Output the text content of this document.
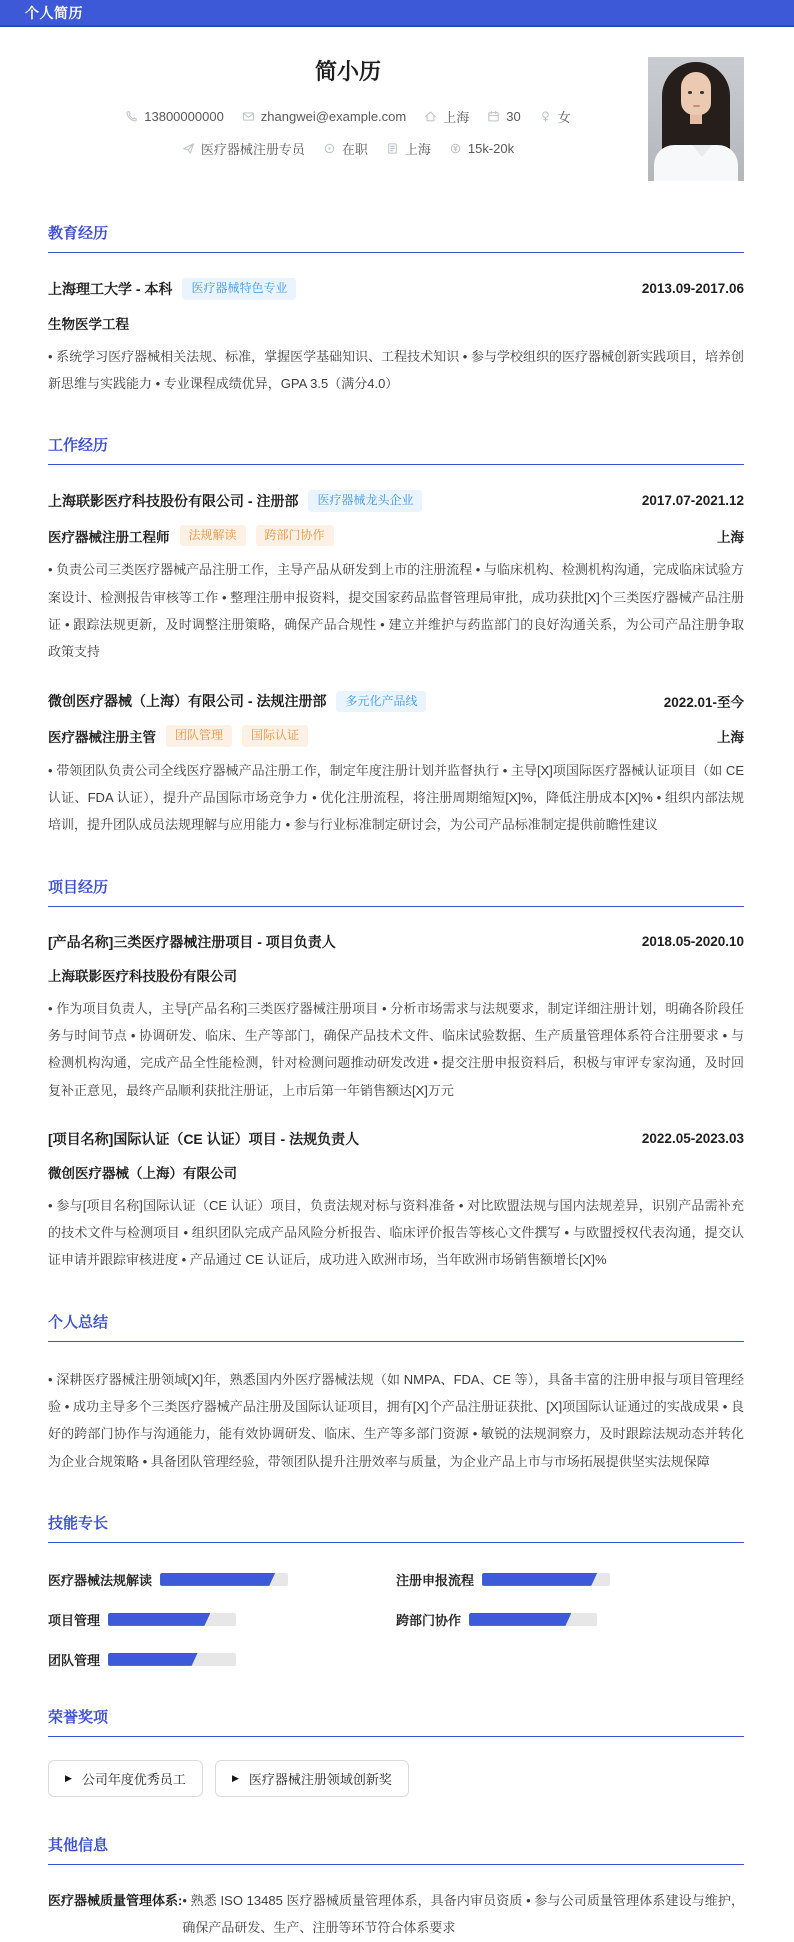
个人简历
简小历
13800000000	zhangwei@example.com	上海	30	女
医疗器械注册专员	在职	上海	15k-20k
教育经历
上海理工大学 - 本科	医疗器械特色专业	2013.09-2017.06
生物医学工程

• 系统学习医疗器械相关法规、标准，掌握医学基础知识、工程技术知识 • 参与学校组织的医疗器械创新实践项目，培养创新思维与实践能力 • 专业课程成绩优异，GPA 3.5（满分4.0）

工作经历
上海联影医疗科技股份有限公司 - 注册部	医疗器械龙头企业	2017.07-2021.12
医疗器械注册工程师	法规解读	跨部门协作	上海

• 负责公司三类医疗器械产品注册工作，主导产品从研发到上市的注册流程 • 与临床机构、检测机构沟通，完成临床试验方案设计、检测报告审核等工作 • 整理注册申报资料，提交国家药品监督管理局审批，成功获批[X]个三类医疗器械产品注册证 • 跟踪法规更新，及时调整注册策略，确保产品合规性 • 建立并维护与药监部门的良好沟通关系，为公司产品注册争取政策支持

微创医疗器械（上海）有限公司 - 法规注册部	多元化产品线	2022.01-至今
医疗器械注册主管	团队管理	国际认证	上海

• 带领团队负责公司全线医疗器械产品注册工作，制定年度注册计划并监督执行 • 主导[X]项国际医疗器械认证项目（如 CE 认证、FDA 认证），提升产品国际市场竞争力 • 优化注册流程，将注册周期缩短[X]%，降低注册成本[X]% • 组织内部法规培训，提升团队成员法规理解与应用能力 • 参与行业标准制定研讨会，为公司产品标准制定提供前瞻性建议

项目经历
[产品名称]三类医疗器械注册项目 - 项目负责人	2018.05-2020.10
上海联影医疗科技股份有限公司

• 作为项目负责人，主导[产品名称]三类医疗器械注册项目 • 分析市场需求与法规要求，制定详细注册计划，明确各阶段任务与时间节点 • 协调研发、临床、生产等部门，确保产品技术文件、临床试验数据、生产质量管理体系符合注册要求 • 与检测机构沟通，完成产品全性能检测，针对检测问题推动研发改进 • 提交注册申报资料后，积极与审评专家沟通，及时回复补正意见，最终产品顺利获批注册证，上市后第一年销售额达[X]万元

[项目名称]国际认证（CE 认证）项目 - 法规负责人	2022.05-2023.03
微创医疗器械（上海）有限公司

• 参与[项目名称]国际认证（CE 认证）项目，负责法规对标与资料准备 • 对比欧盟法规与国内法规差异，识别产品需补充的技术文件与检测项目 • 组织团队完成产品风险分析报告、临床评价报告等核心文件撰写 • 与欧盟授权代表沟通，提交认证申请并跟踪审核进度 • 产品通过 CE 认证后，成功进入欧洲市场，当年欧洲市场销售额增长[X]%

个人总结

• 深耕医疗器械注册领域[X]年，熟悉国内外医疗器械法规（如 NMPA、FDA、CE 等），具备丰富的注册申报与项目管理经验 • 成功主导多个三类医疗器械产品注册及国际认证项目，拥有[X]个产品注册证获批、[X]项国际认证通过的实战成果 • 良好的跨部门协作与沟通能力，能有效协调研发、临床、生产等多部门资源 • 敏锐的法规洞察力，及时跟踪法规动态并转化为企业合规策略 • 具备团队管理经验，带领团队提升注册效率与质量，为企业产品上市与市场拓展提供坚实法规保障

技能专长
医疗器械法规解读	注册申报流程
项目管理	跨部门协作
团队管理
荣誉奖项
▶ 公司年度优秀员工	▶ 医疗器械注册领域创新奖
其他信息
医疗器械质量管理体系: • 熟悉 ISO 13485 医疗器械质量管理体系，具备内审员资质 • 参与公司质量管理体系建设与维护，确保产品研发、生产、注册等环节符合体系要求
